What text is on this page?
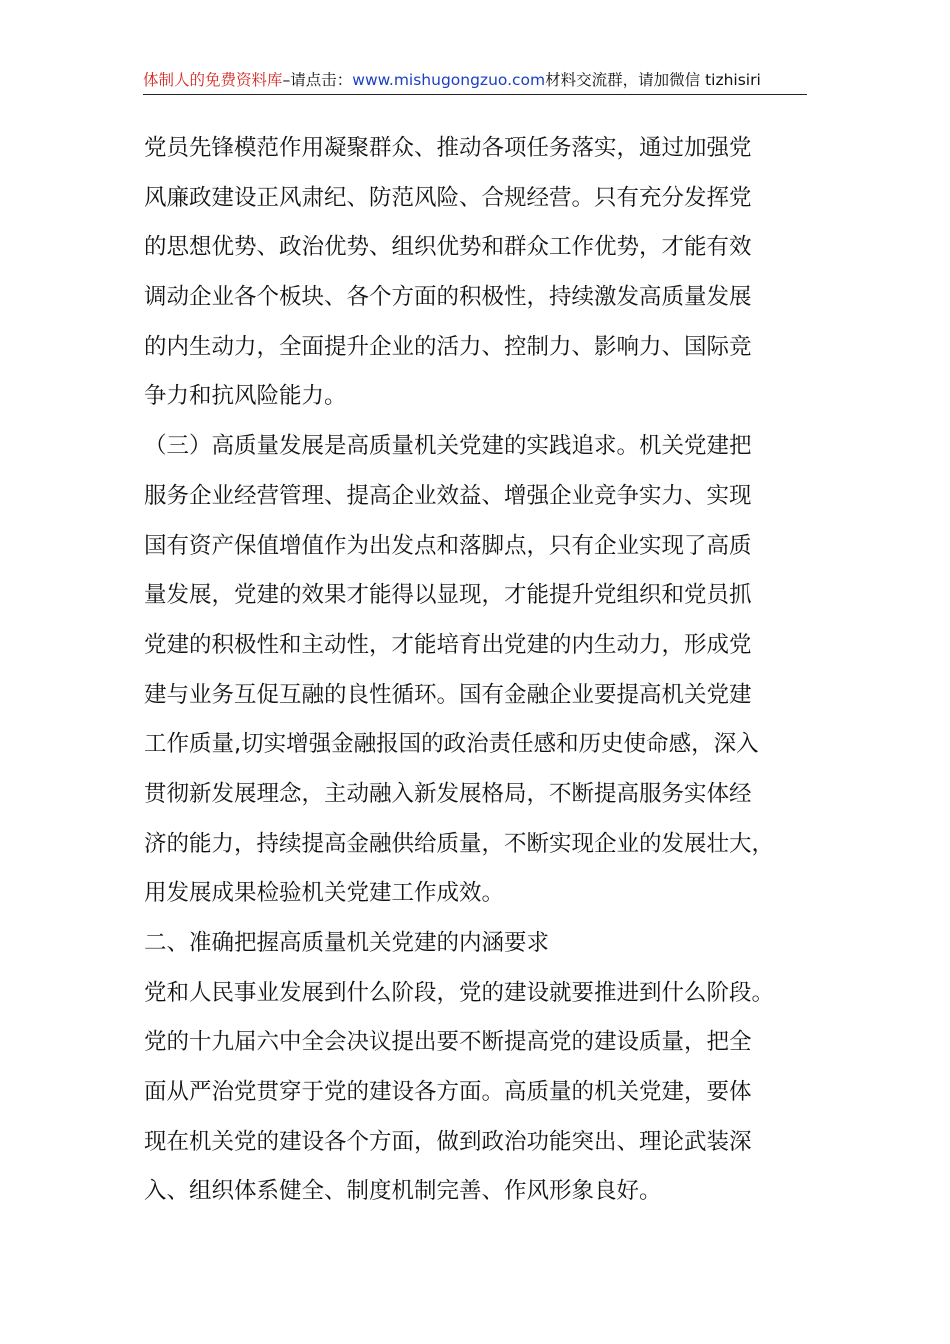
体制人的免费资料库–请点击：www.mishugongzuo.com材料交流群，请加微信 tizhisiri
党员先锋模范作用凝聚群众、推动各项任务落实，通过加强党
风廉政建设正风肃纪、防范风险、合规经营。只有充分发挥党
的思想优势、政治优势、组织优势和群众工作优势，才能有效
调动企业各个板块、各个方面的积极性，持续激发高质量发展
的内生动力，全面提升企业的活力、控制力、影响力、国际竞
争力和抗风险能力。
（三）高质量发展是高质量机关党建的实践追求。机关党建把
服务企业经营管理、提高企业效益、增强企业竞争实力、实现
国有资产保值增值作为出发点和落脚点，只有企业实现了高质
量发展，党建的效果才能得以显现，才能提升党组织和党员抓
党建的积极性和主动性，才能培育出党建的内生动力，形成党
建与业务互促互融的良性循环。国有金融企业要提高机关党建
工作质量,切实增强金融报国的政治责任感和历史使命感，深入
贯彻新发展理念，主动融入新发展格局，不断提高服务实体经
济的能力，持续提高金融供给质量，不断实现企业的发展壮大，
用发展成果检验机关党建工作成效。
二、准确把握高质量机关党建的内涵要求
党和人民事业发展到什么阶段，党的建设就要推进到什么阶段。
党的十九届六中全会决议提出要不断提高党的建设质量，把全
面从严治党贯穿于党的建设各方面。高质量的机关党建，要体
现在机关党的建设各个方面，做到政治功能突出、理论武装深
入、组织体系健全、制度机制完善、作风形象良好。
